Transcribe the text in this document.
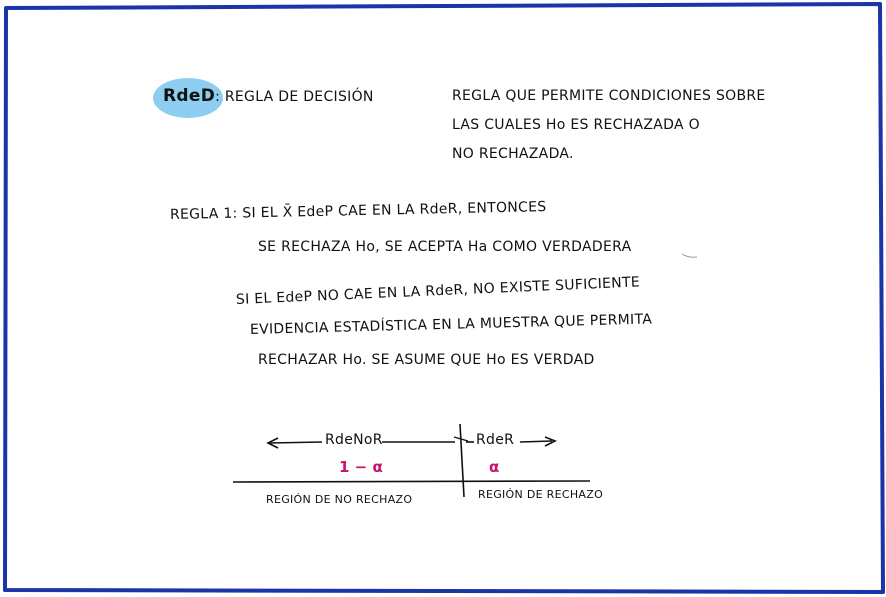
RdeD: REGLA DE DECISIÓN	REGLA QUE PERMITE CONDICIONES SOBRE
LAS CUALES Ho ES RECHAZADA O
NO RECHAZADA.
REGLA 1: SI EL X̄ EdeP CAE EN LA RdeR, ENTONCES
SE RECHAZA Ho, SE ACEPTA Ha COMO VERDADERA
SI EL EdeP NO CAE EN LA RdeR, NO EXISTE SUFICIENTE
EVIDENCIA ESTADÍSTICA EN LA MUESTRA QUE PERMITA
RECHAZAR Ho. SE ASUME QUE Ho ES VERDAD
RdeNoR	RdeR
1 − α	α
REGIÓN DE NO RECHAZO	REGIÓN DE RECHAZO
